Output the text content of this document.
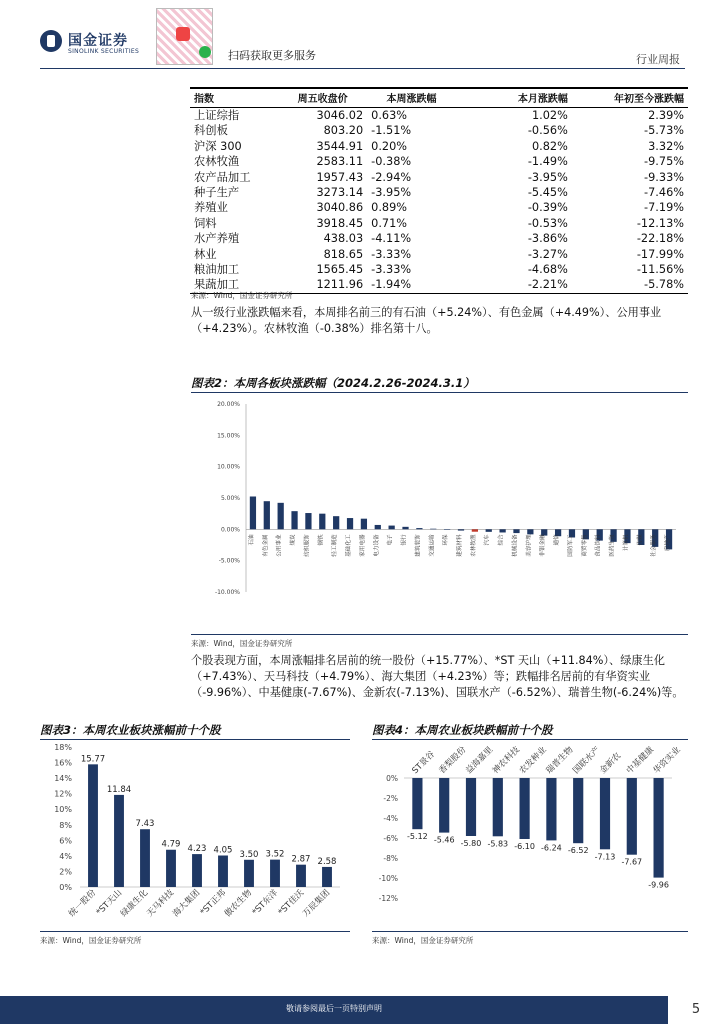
国金证券
SINOLINK SECURITIES	扫码获取更多服务	行业周报
指数	周五收盘价	本周涨跌幅	本月涨跌幅	年初至今涨跌幅
上证综指	3046.02	0.63%	1.02%	2.39%
科创板	803.20	-1.51%	-0.56%	-5.73%
沪深 300	3544.91	0.20%	0.82%	3.32%
农林牧渔	2583.11	-0.38%	-1.49%	-9.75%
农产品加工	1957.43	-2.94%	-3.95%	-9.33%
种子生产	3273.14	-3.95%	-5.45%	-7.46%
养殖业	3040.86	0.89%	-0.39%	-7.19%
饲料	3918.45	0.71%	-0.53%	-12.13%
水产养殖	438.03	-4.11%	-3.86%	-22.18%
林业	818.65	-3.33%	-3.27%	-17.99%
粮油加工	1565.45	-3.33%	-4.68%	-11.56%
果蔬加工	1211.96	-1.94%	-2.21%	-5.78%
来源：Wind，国金证券研究所
从一级行业涨跌幅来看，本周排名前三的有石油（+5.24%）、有色金属（+4.49%）、公用事业（+4.23%）。农林牧渔（-0.38%）排名第十八。
图表2：本周各板块涨跌幅（2024.2.26-2024.3.1）
20.00%
15.00%
10.00%
5.00%
0.00%
-5.00%
-10.00%
石油	有色金属	公用事业	煤炭	纺织服饰	钢铁	轻工制造	基础化工	家用电器	电力设备	电子	银行	建筑装饰	交通运输	环保	建筑材料	农林牧渔	汽车	综合	机械设备	美容护理	非银金融	通信	国防军工	商贸零售	食品饮料	医药生物	计算机	传媒	社会服务	房地产
来源：Wind，国金证券研究所
个股表现方面，本周涨幅排名居前的统一股份（+15.77%）、*ST 天山（+11.84%）、绿康生化（+7.43%）、天马科技（+4.79%）、海大集团（+4.23%）等；跌幅排名居前的有华资实业（-9.96%）、中基健康(-7.67%)、金新农(-7.13%)、国联水产（-6.52%）、瑞普生物(-6.24%)等。
图表3：本周农业板块涨幅前十个股
18%
16%
14%
12%
10%
8%
6%
4%
2%
0%
15.77
统一股份
11.84
*ST天山
7.43
绿康生化
4.79
天马科技
4.23
海大集团
4.05
*ST正邦
3.50
傲农生物
3.52
*ST东洋
2.87
*ST佳沃
2.58
万辰集团
来源：Wind，国金证券研究所
图表4：本周农业板块跌幅前十个股
0%
-2%
-4%
-6%
-8%
-10%
-12%
-5.12
ST景谷
-5.46
香梨股份
-5.80
益海嘉里
-5.83
神农科技
-6.10
农发种业
-6.24
瑞普生物
-6.52
国联水产
-7.13
金新农
-7.67
中基健康
-9.96
华资实业
来源：Wind，国金证券研究所
敬请参阅最后一页特别声明	5
